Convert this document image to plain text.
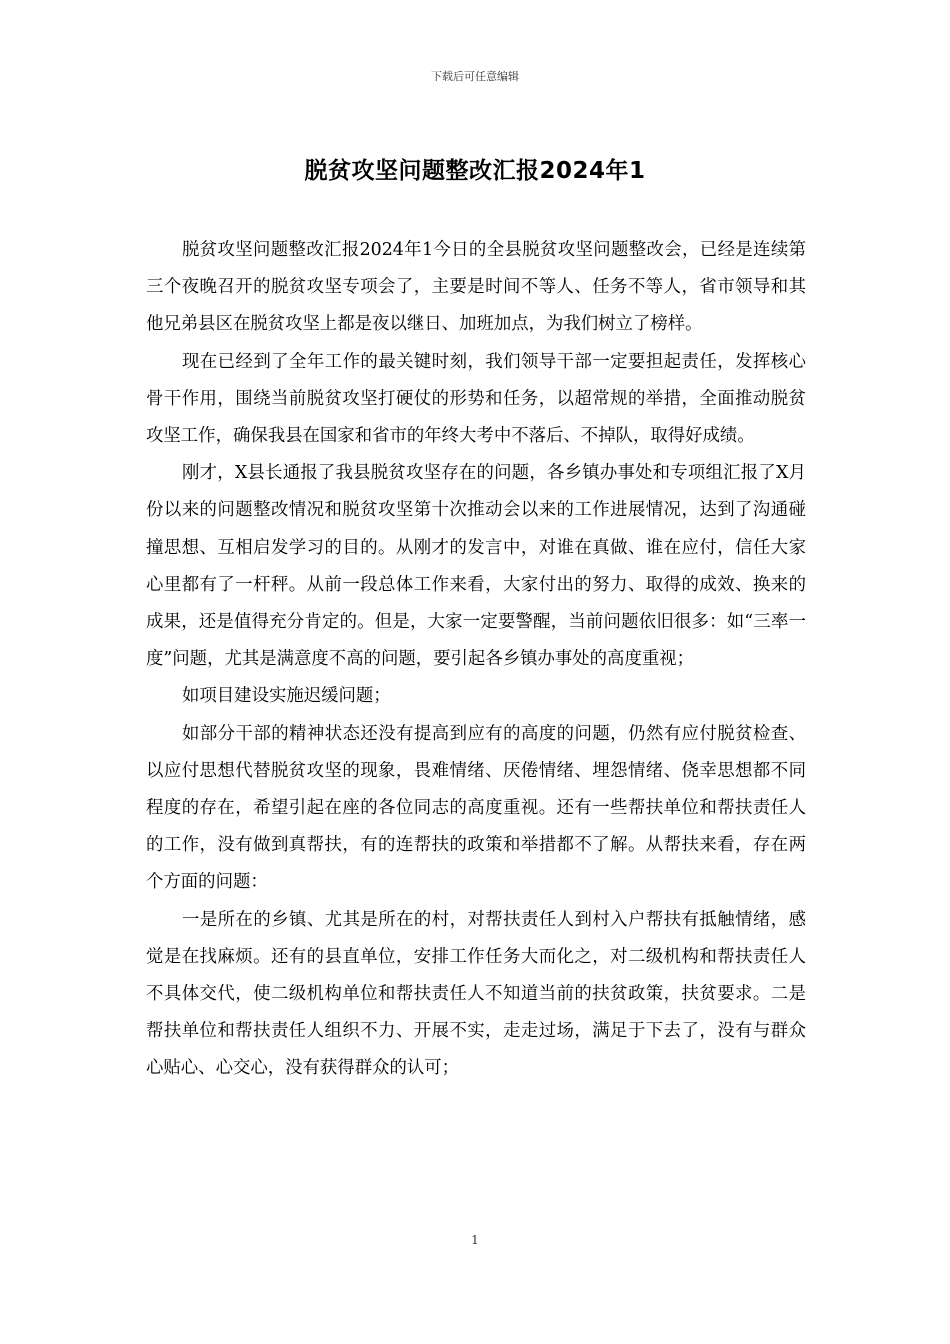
下载后可任意编辑
脱贫攻坚问题整改汇报2024年1

脱贫攻坚问题整改汇报2024年1今日的全县脱贫攻坚问题整改会，已经是连续第三个夜晚召开的脱贫攻坚专项会了，主要是时间不等人、任务不等人，省市领导和其他兄弟县区在脱贫攻坚上都是夜以继日、加班加点，为我们树立了榜样。

现在已经到了全年工作的最关键时刻，我们领导干部一定要担起责任，发挥核心骨干作用，围绕当前脱贫攻坚打硬仗的形势和任务，以超常规的举措，全面推动脱贫攻坚工作，确保我县在国家和省市的年终大考中不落后、不掉队，取得好成绩。

刚才，X县长通报了我县脱贫攻坚存在的问题，各乡镇办事处和专项组汇报了X月份以来的问题整改情况和脱贫攻坚第十次推动会以来的工作进展情况，达到了沟通碰撞思想、互相启发学习的目的。从刚才的发言中，对谁在真做、谁在应付，信任大家心里都有了一杆秤。从前一段总体工作来看，大家付出的努力、取得的成效、换来的成果，还是值得充分肯定的。但是，大家一定要警醒，当前问题依旧很多：如“三率一度”问题，尤其是满意度不高的问题，要引起各乡镇办事处的高度重视；

如项目建设实施迟缓问题；

如部分干部的精神状态还没有提高到应有的高度的问题，仍然有应付脱贫检查、以应付思想代替脱贫攻坚的现象，畏难情绪、厌倦情绪、埋怨情绪、侥幸思想都不同程度的存在，希望引起在座的各位同志的高度重视。还有一些帮扶单位和帮扶责任人的工作，没有做到真帮扶，有的连帮扶的政策和举措都不了解。从帮扶来看，存在两个方面的问题：

一是所在的乡镇、尤其是所在的村，对帮扶责任人到村入户帮扶有抵触情绪，感觉是在找麻烦。还有的县直单位，安排工作任务大而化之，对二级机构和帮扶责任人不具体交代，使二级机构单位和帮扶责任人不知道当前的扶贫政策，扶贫要求。二是帮扶单位和帮扶责任人组织不力、开展不实，走走过场，满足于下去了，没有与群众心贴心、心交心，没有获得群众的认可；

1
